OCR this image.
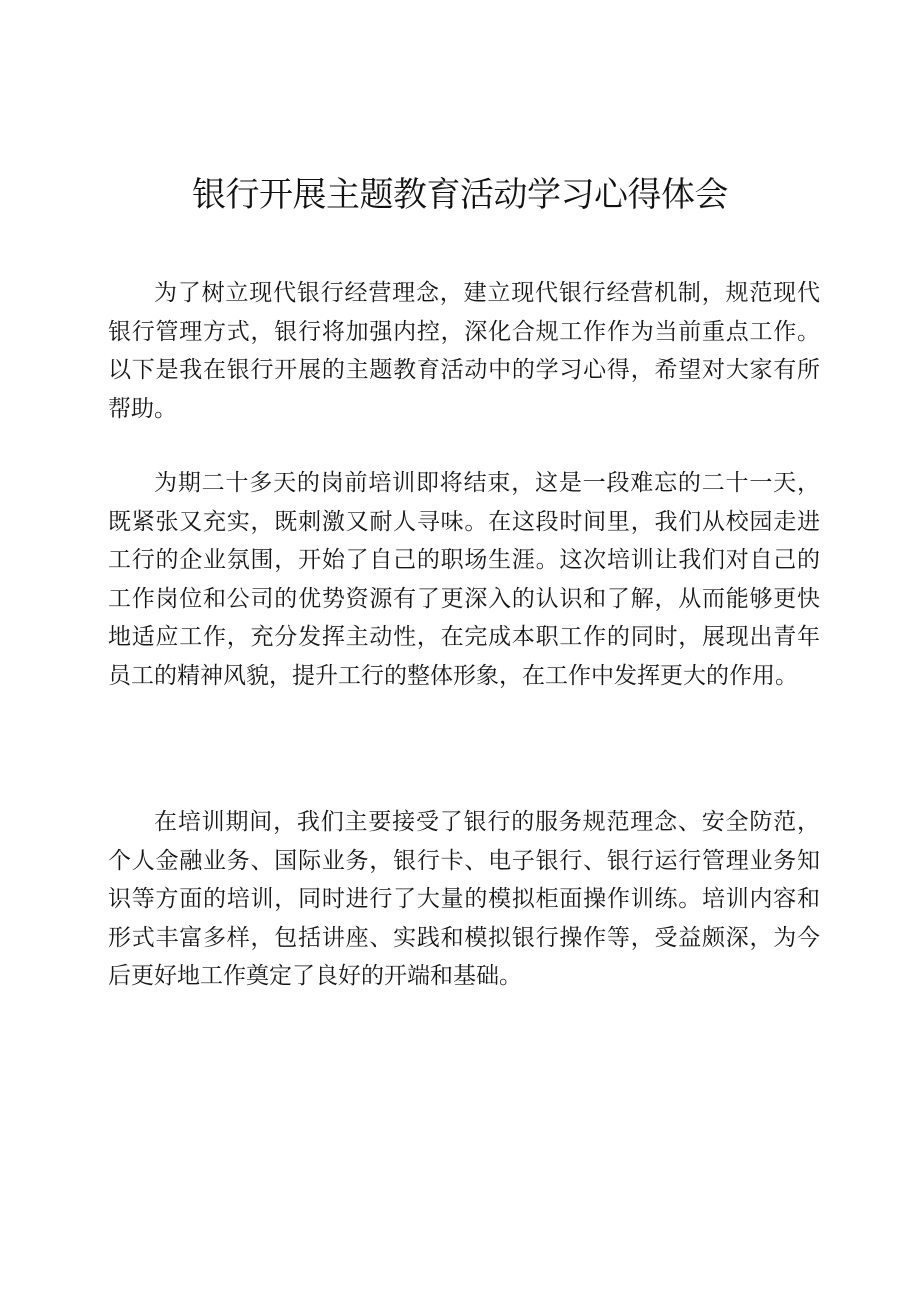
银行开展主题教育活动学习心得体会

为了树立现代银行经营理念，建立现代银行经营机制，规范现代银行管理方式，银行将加强内控，深化合规工作作为当前重点工作。以下是我在银行开展的主题教育活动中的学习心得，希望对大家有所帮助。

为期二十多天的岗前培训即将结束，这是一段难忘的二十一天，既紧张又充实，既刺激又耐人寻味。在这段时间里，我们从校园走进工行的企业氛围，开始了自己的职场生涯。这次培训让我们对自己的工作岗位和公司的优势资源有了更深入的认识和了解，从而能够更快地适应工作，充分发挥主动性，在完成本职工作的同时，展现出青年员工的精神风貌，提升工行的整体形象，在工作中发挥更大的作用。

在培训期间，我们主要接受了银行的服务规范理念、安全防范，个人金融业务、国际业务，银行卡、电子银行、银行运行管理业务知识等方面的培训，同时进行了大量的模拟柜面操作训练。培训内容和形式丰富多样，包括讲座、实践和模拟银行操作等，受益颇深，为今后更好地工作奠定了良好的开端和基础。
